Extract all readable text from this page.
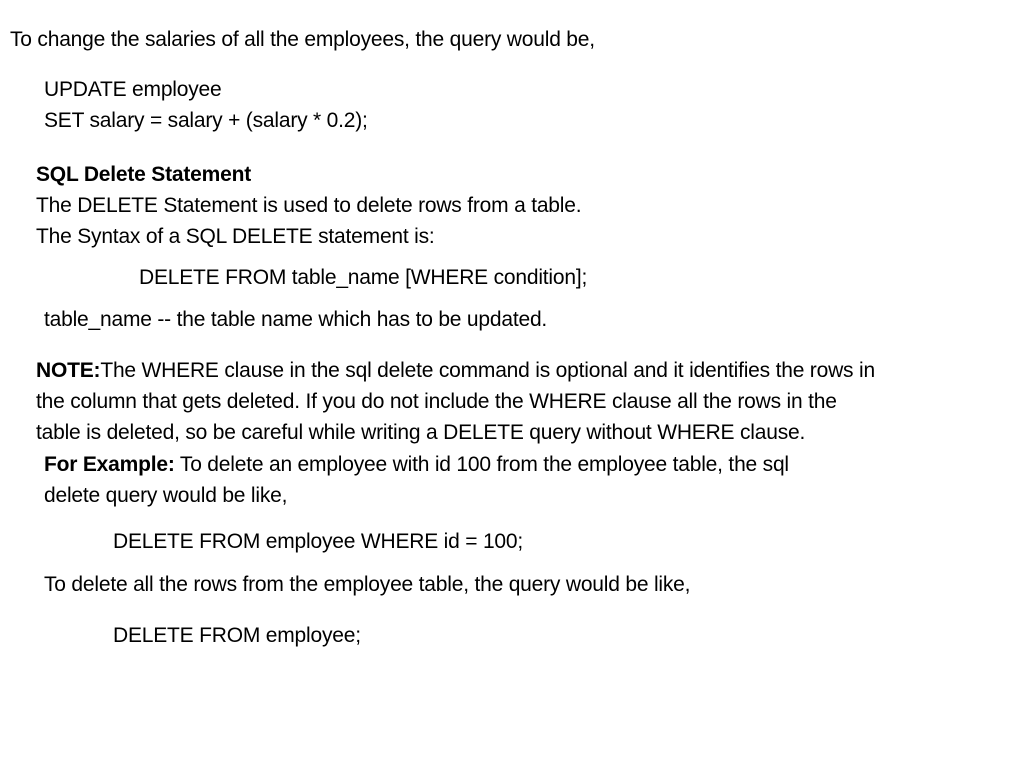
To change the salaries of all the employees, the query would be,
UPDATE employee
SET salary = salary + (salary * 0.2);
SQL Delete Statement
The DELETE Statement is used to delete rows from a table.
The Syntax of a SQL DELETE statement is:
DELETE FROM table_name [WHERE condition];
table_name -- the table name which has to be updated.
NOTE:The WHERE clause in the sql delete command is optional and it identifies the rows in
the column that gets deleted. If you do not include the WHERE clause all the rows in the
table is deleted, so be careful while writing a DELETE query without WHERE clause.
For Example: To delete an employee with id 100 from the employee table, the sql
delete query would be like,
DELETE FROM employee WHERE id = 100;
To delete all the rows from the employee table, the query would be like,
DELETE FROM employee;
